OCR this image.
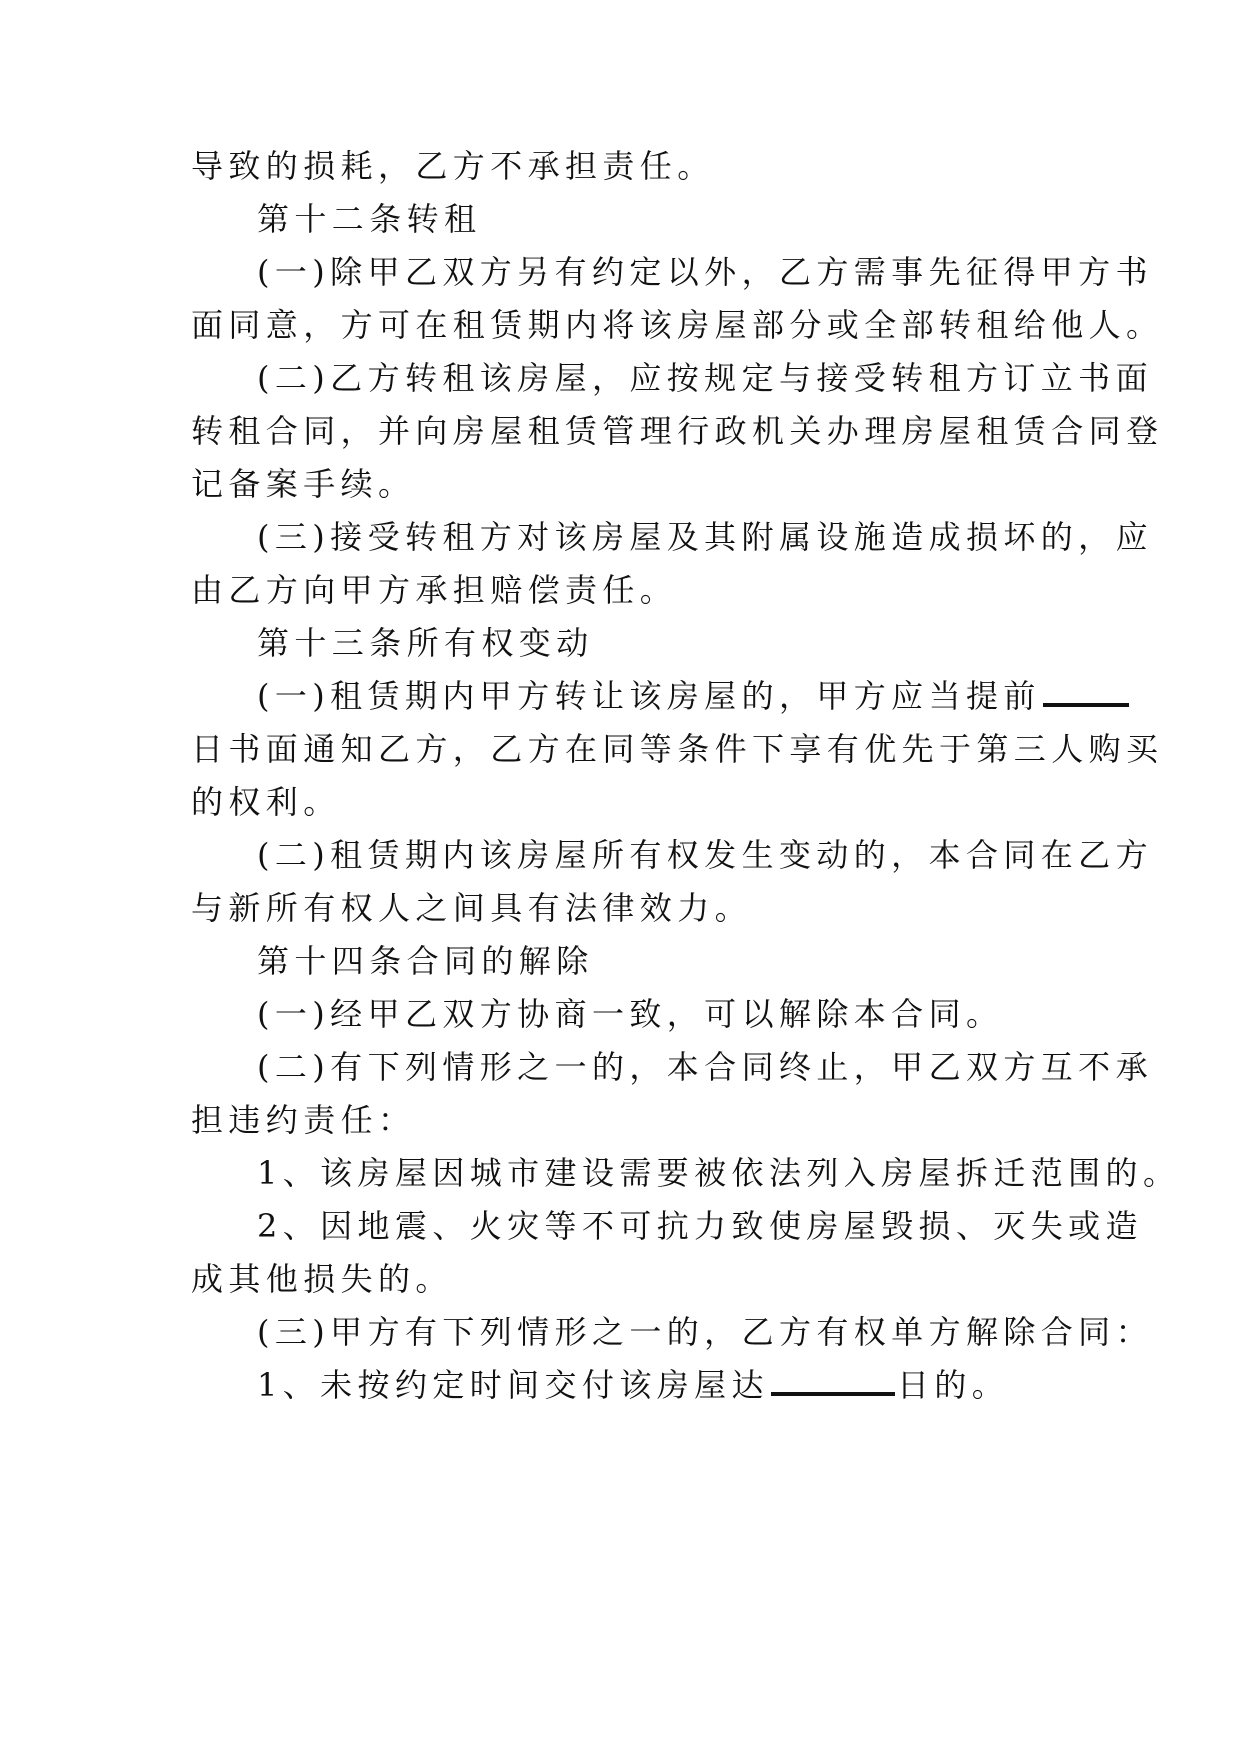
导致的损耗，乙方不承担责任。
第十二条转租
(一)除甲乙双方另有约定以外，乙方需事先征得甲方书
面同意，方可在租赁期内将该房屋部分或全部转租给他人。
(二)乙方转租该房屋，应按规定与接受转租方订立书面
转租合同，并向房屋租赁管理行政机关办理房屋租赁合同登
记备案手续。
(三)接受转租方对该房屋及其附属设施造成损坏的，应
由乙方向甲方承担赔偿责任。
第十三条所有权变动
(一)租赁期内甲方转让该房屋的，甲方应当提前
日书面通知乙方，乙方在同等条件下享有优先于第三人购买
的权利。
(二)租赁期内该房屋所有权发生变动的，本合同在乙方
与新所有权人之间具有法律效力。
第十四条合同的解除
(一)经甲乙双方协商一致，可以解除本合同。
(二)有下列情形之一的，本合同终止，甲乙双方互不承
担违约责任：
1、该房屋因城市建设需要被依法列入房屋拆迁范围的。
2、因地震、火灾等不可抗力致使房屋毁损、灭失或造
成其他损失的。
(三)甲方有下列情形之一的，乙方有权单方解除合同：
1、未按约定时间交付该房屋达	日的。
